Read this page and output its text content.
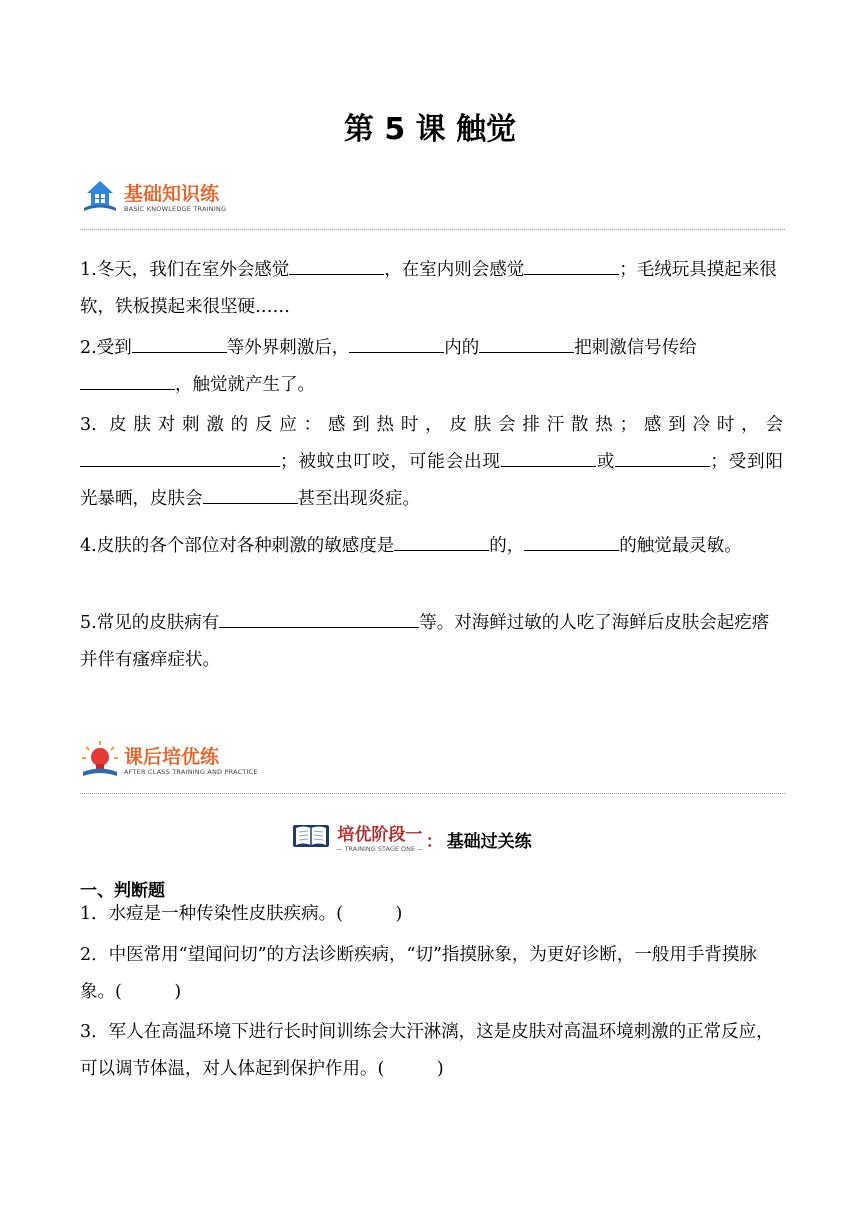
第 5 课 触觉
基础知识练
BASIC KNOWLEDGE TRAINING

1.冬天，我们在室外会感觉	，在室内则会感觉	；毛绒玩具摸起来很软，铁板摸起来很坚硬……

2.受到	等外界刺激后，	内的	把刺激信号传给，触觉就产生了。

3. 皮肤对刺激的反应：感到热时，皮肤会排汗散热；感到冷时，会；被蚊虫叮咬，可能会出现	或	；受到阳光暴晒，皮肤会	甚至出现炎症。

4.皮肤的各个部位对各种刺激的敏感度是	的，	的触觉最灵敏。

5.常见的皮肤病有	等。对海鲜过敏的人吃了海鲜后皮肤会起疙瘩并伴有瘙痒症状。

课后培优练
AFTER CLASS TRAINING AND PRACTICE
培优阶段一
— TRAINING STAGE ONE — ： 基础过关练
一、判断题

1．水痘是一种传染性皮肤疾病。(　　　)

2．中医常用“望闻问切”的方法诊断疾病，“切”指摸脉象，为更好诊断，一般用手背摸脉象。(　　　)

3．军人在高温环境下进行长时间训练会大汗淋漓，这是皮肤对高温环境刺激的正常反应，可以调节体温，对人体起到保护作用。(　　　)
